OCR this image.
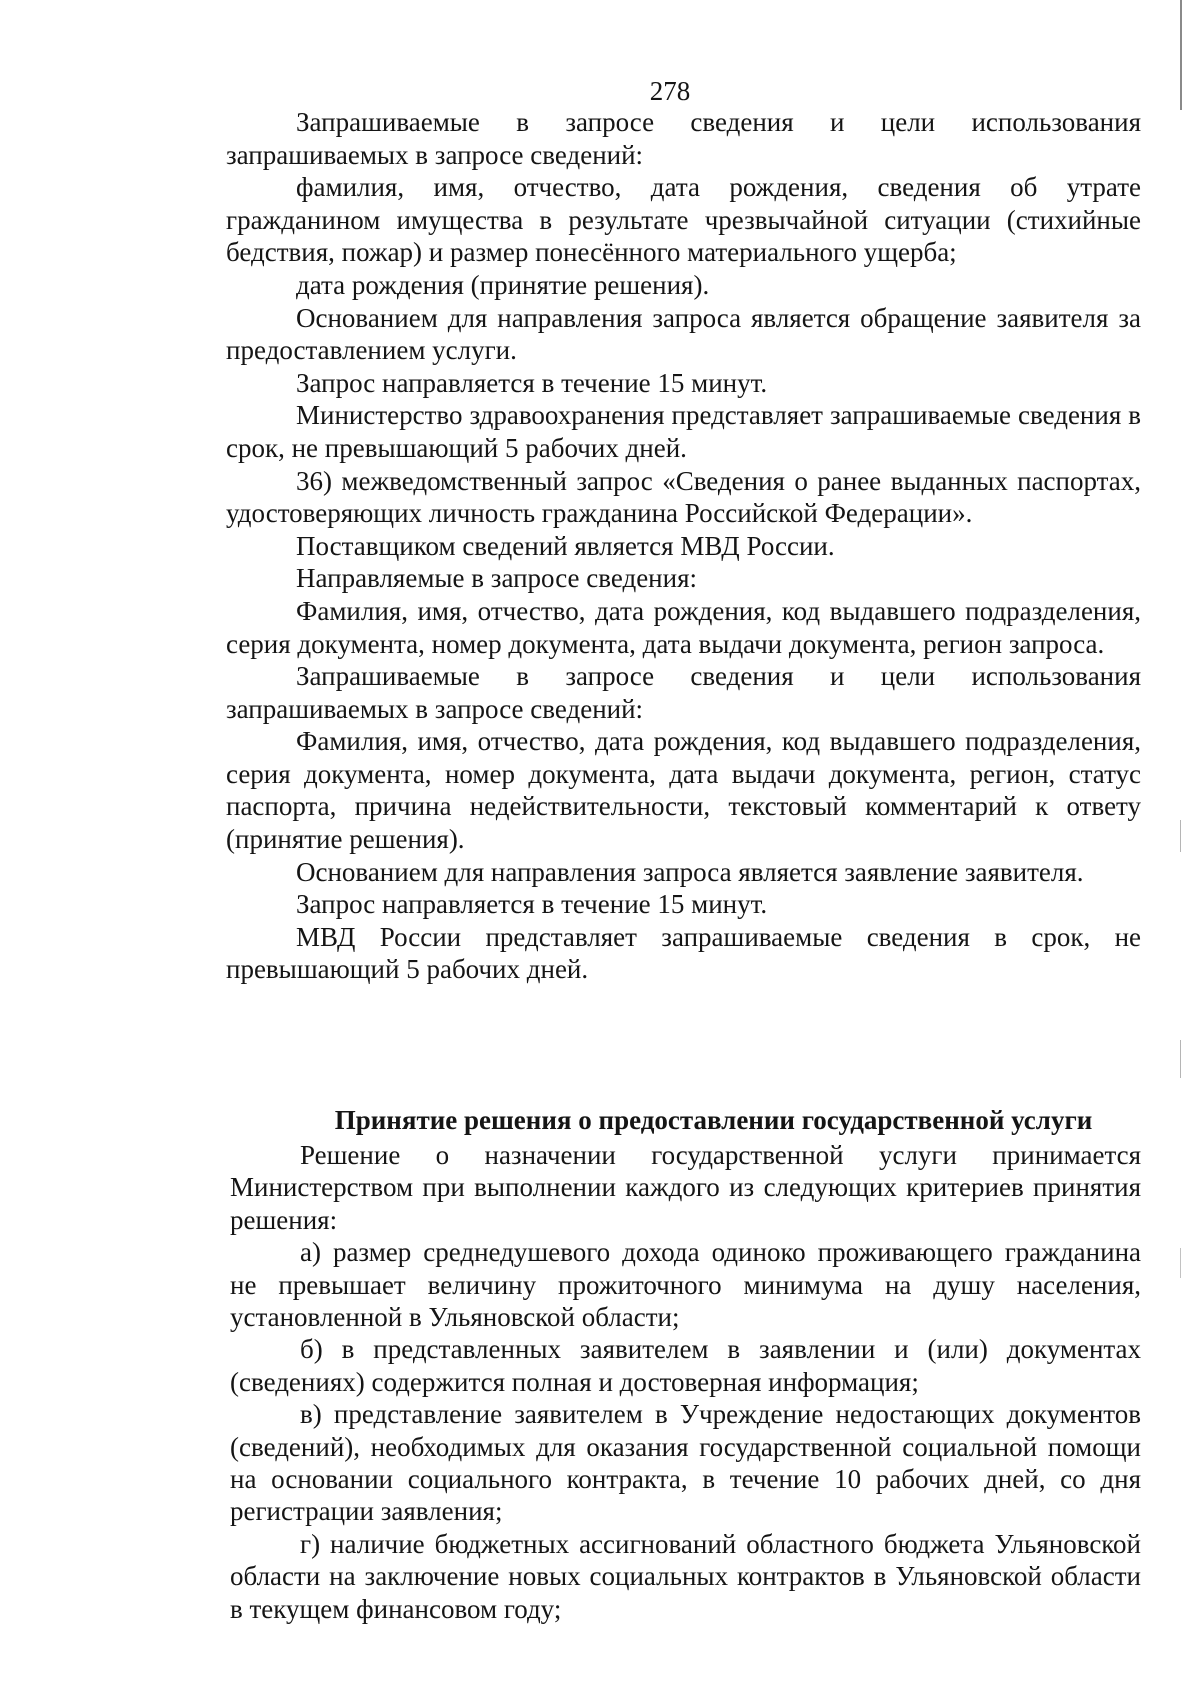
278

Запрашиваемые в запросе сведения и цели использования запрашиваемых в запросе сведений:

фамилия, имя, отчество, дата рождения, сведения об утрате гражданином имущества в результате чрезвычайной ситуации (стихийные бедствия, пожар) и размер понесённого материального ущерба;

дата рождения (принятие решения).

Основанием для направления запроса является обращение заявителя за предоставлением услуги.

Запрос направляется в течение 15 минут.

Министерство здравоохранения представляет запрашиваемые сведения в срок, не превышающий 5 рабочих дней.

36) межведомственный запрос «Сведения о ранее выданных паспортах, удостоверяющих личность гражданина Российской Федерации».

Поставщиком сведений является МВД России.

Направляемые в запросе сведения:

Фамилия, имя, отчество, дата рождения, код выдавшего подразделения, серия документа, номер документа, дата выдачи документа, регион запроса.

Запрашиваемые в запросе сведения и цели использования запрашиваемых в запросе сведений:

Фамилия, имя, отчество, дата рождения, код выдавшего подразделения, серия документа, номер документа, дата выдачи документа, регион, статус паспорта, причина недействительности, текстовый комментарий к ответу (принятие решения).

Основанием для направления запроса является заявление заявителя.

Запрос направляется в течение 15 минут.

МВД России представляет запрашиваемые сведения в срок, не превышающий 5 рабочих дней.

Принятие решения о предоставлении государственной услуги

Решение о назначении государственной услуги принимается Министерством при выполнении каждого из следующих критериев принятия решения:

а) размер среднедушевого дохода одиноко проживающего гражданина не превышает величину прожиточного минимума на душу населения, установленной в Ульяновской области;

б) в представленных заявителем в заявлении и (или) документах (сведениях) содержится полная и достоверная информация;

в) представление заявителем в Учреждение недостающих документов (сведений), необходимых для оказания государственной социальной помощи на основании социального контракта, в течение 10 рабочих дней, со дня регистрации заявления;

г) наличие бюджетных ассигнований областного бюджета Ульяновской области на заключение новых социальных контрактов в Ульяновской области в текущем финансовом году;
